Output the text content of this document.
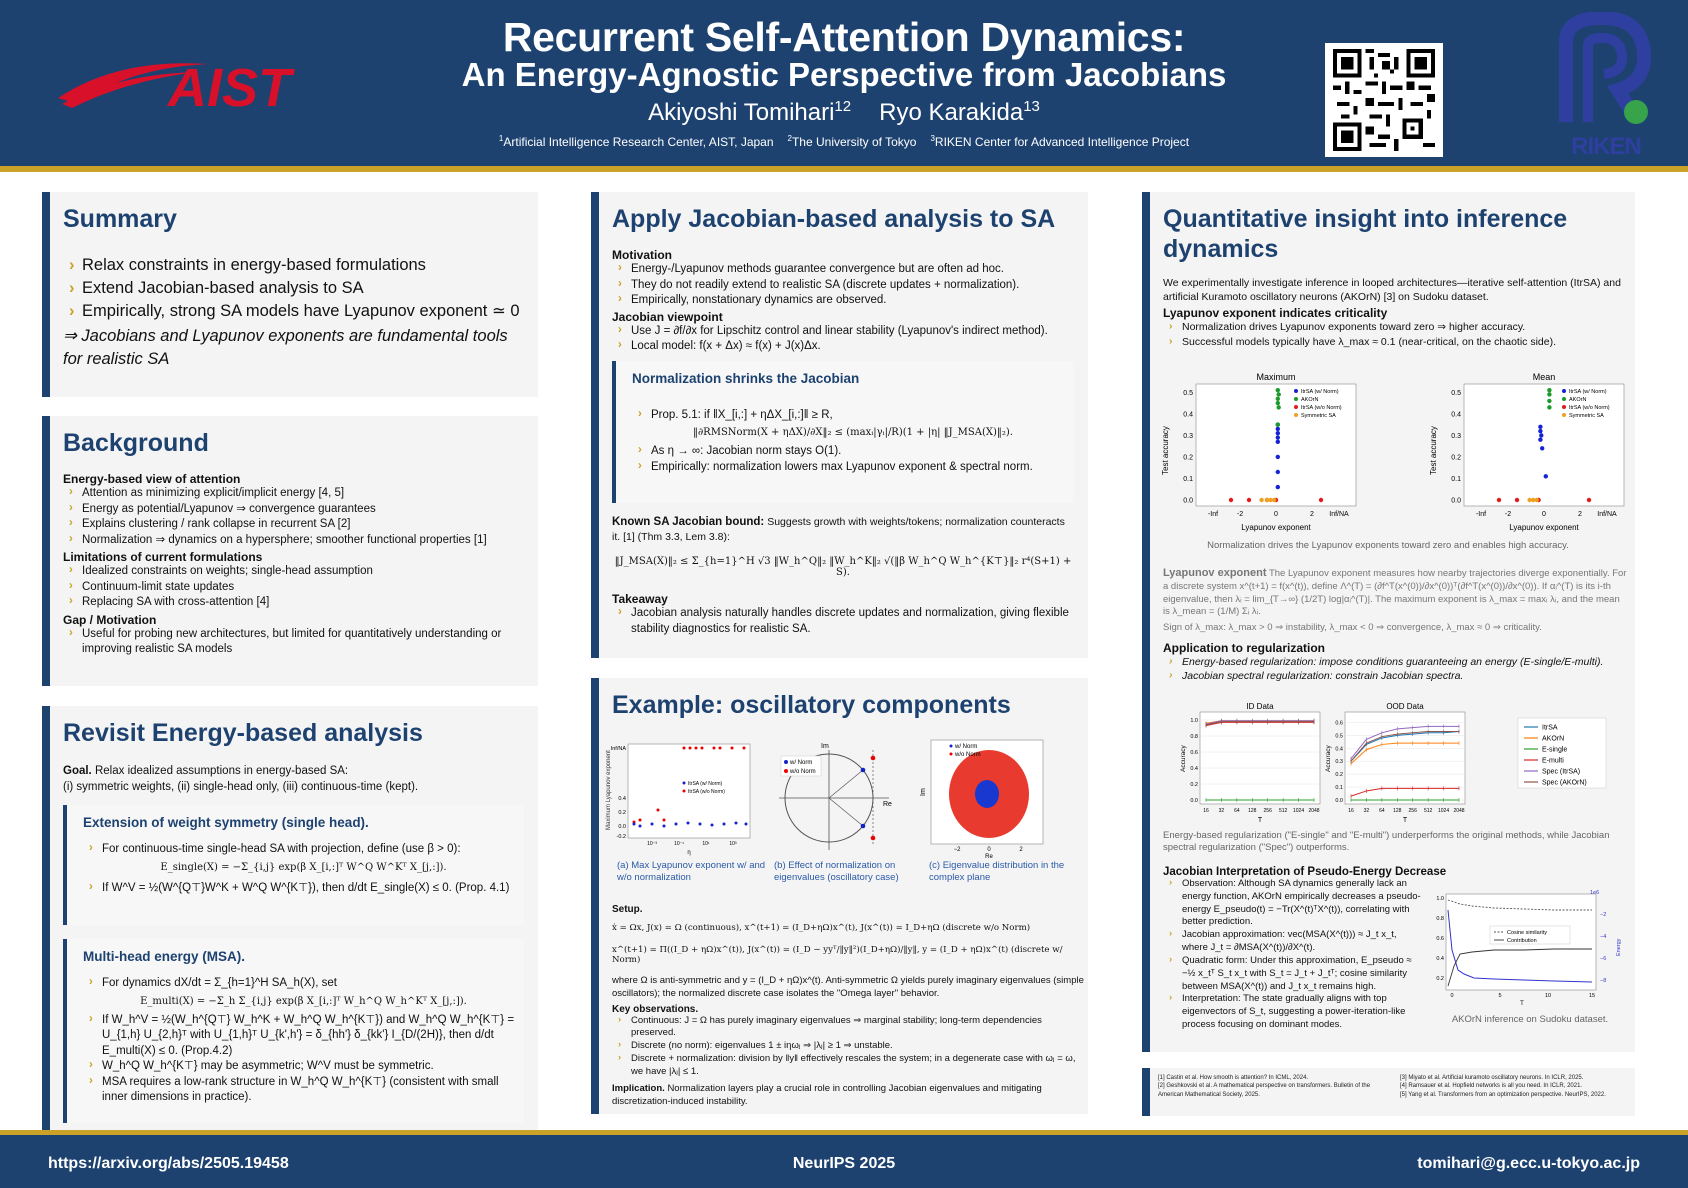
AIST
Recurrent Self-Attention Dynamics:
An Energy-Agnostic Perspective from Jacobians
Akiyoshi Tomihari$^{12}$ Ryo Karakida$^{13}$
$^1$Artificial Intelligence Research Center, AIST, Japan $^2$The University of Tokyo $^3$RIKEN Center for Advanced Intelligence Project	RIKEN
Summary
› Relax constraints in energy-based formulations
› Extend Jacobian-based analysis to SA
› Empirically, strong SA models have Lyapunov exponent ≃ 0
⇒ Jacobians and Lyapunov exponents are fundamental tools for realistic SA
Background
Energy-based view of attention
› Attention as minimizing explicit/implicit energy [4, 5]
› Energy as potential/Lyapunov ⇒ convergence guarantees
› Explains clustering / rank collapse in recurrent SA [2]
› Normalization ⇒ dynamics on a hypersphere; smoother functional properties [1]
Limitations of current formulations
› Idealized constraints on weights; single-head assumption
› Continuum-limit state updates
› Replacing SA with cross-attention [4]
Gap / Motivation
› Useful for probing new architectures, but limited for quantitatively understanding or improving realistic SA models
Revisit Energy-based analysis
Goal. Relax idealized assumptions in energy-based SA:
(i) symmetric weights, (ii) single-head only, (iii) continuous-time (kept).
Extension of weight symmetry (single head).
› For continuous-time single-head SA with projection, define (use β > 0):
E_single(X) = −Σ_{i,j} exp(β X_[i,:]ᵀ W^Q W^Kᵀ X_[j,:]).
› If W^V = ½(W^{Q⊤}W^K + W^Q W^{K⊤}), then d/dt E_single(X) ≤ 0. (Prop. 4.1)
Multi-head energy (MSA).
› For dynamics dX/dt = Σ_{h=1}^H SA_h(X), set
E_multi(X) = −Σ_h Σ_{i,j} exp(β X_[i,:]ᵀ W_h^Q W_h^Kᵀ X_[j,:]).
› If W_h^V = ½(W_h^{Q⊤} W_h^K + W_h^Q W_h^{K⊤}) and W_h^Q W_h^{K⊤} = U_{1,h} U_{2,h}ᵀ with U_{1,h}ᵀ U_{k',h'} = δ_{hh'} δ_{kk'} I_{D/(2H)}, then d/dt E_multi(X) ≤ 0. (Prop.4.2)
› W_h^Q W_h^{K⊤} may be asymmetric; W^V must be symmetric.
› MSA requires a low-rank structure in W_h^Q W_h^{K⊤} (consistent with small inner dimensions in practice).
Apply Jacobian-based analysis to SA
Motivation
› Energy-/Lyapunov methods guarantee convergence but are often ad hoc.
› They do not readily extend to realistic SA (discrete updates + normalization).
› Empirically, nonstationary dynamics are observed.
Jacobian viewpoint
› Use J = ∂f/∂x for Lipschitz control and linear stability (Lyapunov's indirect method).
› Local model: f(x + Δx) ≈ f(x) + J(x)Δx.
Normalization shrinks the Jacobian
› Prop. 5.1: if ‖X_[i,:] + ηΔX_[i,:]‖ ≥ R,
‖∂RMSNorm(X + ηΔX)/∂X‖₂ ≤ (maxᵢ|γᵢ|/R)(1 + |η| ‖J_MSA(X)‖₂).
› As η → ∞: Jacobian norm stays O(1).
› Empirically: normalization lowers max Lyapunov exponent & spectral norm.
Known SA Jacobian bound: Suggests growth with weights/tokens; normalization counteracts it. [1] (Thm 3.3, Lem 3.8):
‖J_MSA(X)‖₂ ≤ Σ_{h=1}^H √3 ‖W_h^Q‖₂ ‖W_h^K‖₂ √(‖β W_h^Q W_h^{K⊤}‖₂ r⁴(S+1) + S).
Takeaway
› Jacobian analysis naturally handles discrete updates and normalization, giving flexible stability diagnostics for realistic SA.
Example: oscillatory components
Maximum Lyapunov exponent
Inf/NA
0.4
0.2
0.0
-0.2
10⁻³	10⁻¹	10¹	10³
η
ItrSA (w/ Norm)
ItrSA (w/o Norm)
Im
Re
w/ Norm
w/o Norm
Im
−2	0	2
Re
w/ Norm
w/o Norm
(a) Max Lyapunov exponent w/ and w/o normalization
(b) Effect of normalization on eigenvalues (oscillatory case)
(c) Eigenvalue distribution in the complex plane
Setup.
ẋ = Ωx, J(x) = Ω (continuous), x^(t+1) = (I_D+ηΩ)x^(t), J(x^(t)) = I_D+ηΩ (discrete w/o Norm)
x^(t+1) = Π((I_D + ηΩ)x^(t)), J(x^(t)) = (I_D − yyᵀ/‖y‖²)(I_D+ηΩ)/‖y‖, y = (I_D + ηΩ)x^(t) (discrete w/ Norm)
where Ω is anti-symmetric and y = (I_D + ηΩ)x^(t). Anti-symmetric Ω yields purely imaginary eigenvalues (simple oscillators); the normalized discrete case isolates the "Omega layer" behavior.
Key observations.
› Continuous: J = Ω has purely imaginary eigenvalues ⇒ marginal stability; long-term dependencies preserved.
› Discrete (no norm): eigenvalues 1 ± iηωⱼ ⇒ |λⱼ| ≥ 1 ⇒ unstable.
› Discrete + normalization: division by ‖y‖ effectively rescales the system; in a degenerate case with ωⱼ = ω, we have |λⱼ| ≤ 1.
Implication. Normalization layers play a crucial role in controlling Jacobian eigenvalues and mitigating discretization-induced instability.
Quantitative insight into inference dynamics
We experimentally investigate inference in looped architectures—iterative self-attention (ItrSA) and artificial Kuramoto oscillatory neurons (AKOrN) [3] on Sudoku dataset.
Lyapunov exponent indicates criticality
› Normalization drives Lyapunov exponents toward zero ⇒ higher accuracy.
› Successful models typically have λ_max ≈ 0.1 (near-critical, on the chaotic side).
Maximum
Test accuracy
Lyapunov exponent
0.5
0.4
0.3
0.2
0.1
0.0
-Inf	-2	0	2 Inf/NA
ItrSA (w/ Norm)
AKOrN
ItrSA (w/o Norm)
Symmetric SA
Mean
Test accuracy
Lyapunov exponent
0.5
0.4
0.3
0.2
0.1
0.0
-Inf	-2	0	2 Inf/NA
ItrSA (w/ Norm)
AKOrN
ItrSA (w/o Norm)
Symmetric SA
Normalization drives the Lyapunov exponents toward zero and enables high accuracy.
Lyapunov exponent The Lyapunov exponent measures how nearby trajectories diverge exponentially. For a discrete system x^(t+1) = f(x^(t)), define Λ^(T) = (∂f^T(x^(0))/∂x^(0))ᵀ(∂f^T(x^(0))/∂x^(0)). If αᵢ^(T) is its i-th eigenvalue, then λᵢ = lim_{T→∞} (1/2T) log|αᵢ^(T)|. The maximum exponent is λ_max = maxᵢ λᵢ, and the mean is λ_mean = (1/M) Σᵢ λᵢ.
Sign of λ_max: λ_max > 0 ⇒ instability, λ_max < 0 ⇒ convergence, λ_max ≈ 0 ⇒ criticality.
Application to regularization
› Energy-based regularization: impose conditions guaranteeing an energy (E-single/E-multi).
› Jacobian spectral regularization: constrain Jacobian spectra.
ID Data
Accuracy
T
1.0
0.8
0.6
0.4
0.2
0.0
16 32 64 128 256 512 1024 2048
OOD Data
Accuracy
T
0.6
0.5
0.4
0.3
0.2
0.1
0.0
16 32 64 128 256 512 1024 2048
ItrSA
AKOrN
E-single
E-multi
Spec (ItrSA)
Spec (AKOrN)
Energy-based regularization ("E-single" and "E-multi") underperforms the original methods, while Jacobian spectral regularization ("Spec") outperforms.
Jacobian Interpretation of Pseudo-Energy Decrease
› Observation: Although SA dynamics generally lack an energy function, AKOrN empirically decreases a pseudo-energy E_pseudo(t) = −Tr(X^(t)ᵀX^(t)), correlating with better prediction.
› Jacobian approximation: vec(MSA(X^(t))) ≈ J_t x_t, where J_t = ∂MSA(X^(t))/∂X^(t).
› Quadratic form: Under this approximation, E_pseudo ≈ −½ x_tᵀ S_t x_t with S_t = J_t + J_tᵀ; cosine similarity between MSA(X^(t)) and J_t x_t remains high.
› Interpretation: The state gradually aligns with top eigenvectors of S_t, suggesting a power-iteration-like process focusing on dominant modes.
1.0
0.8
0.6
0.4
0.2
1e6
−2
−4
−6
−8
Energy
0	5	10	15
T
Cosine similarity
Contribution
AKOrN inference on Sudoku dataset.
[1] Castin et al. How smooth is attention? In ICML, 2024.
[2] Geshkovski et al. A mathematical perspective on transformers. Bulletin of the American Mathematical Society, 2025.
[3] Miyato et al. Artificial kuramoto oscillatory neurons. In ICLR, 2025.
[4] Ramsauer et al. Hopfield networks is all you need. In ICLR, 2021.
[5] Yang et al. Transformers from an optimization perspective. NeurIPS, 2022.
https://arxiv.org/abs/2505.19458	NeurIPS 2025	tomihari@g.ecc.u-tokyo.ac.jp
